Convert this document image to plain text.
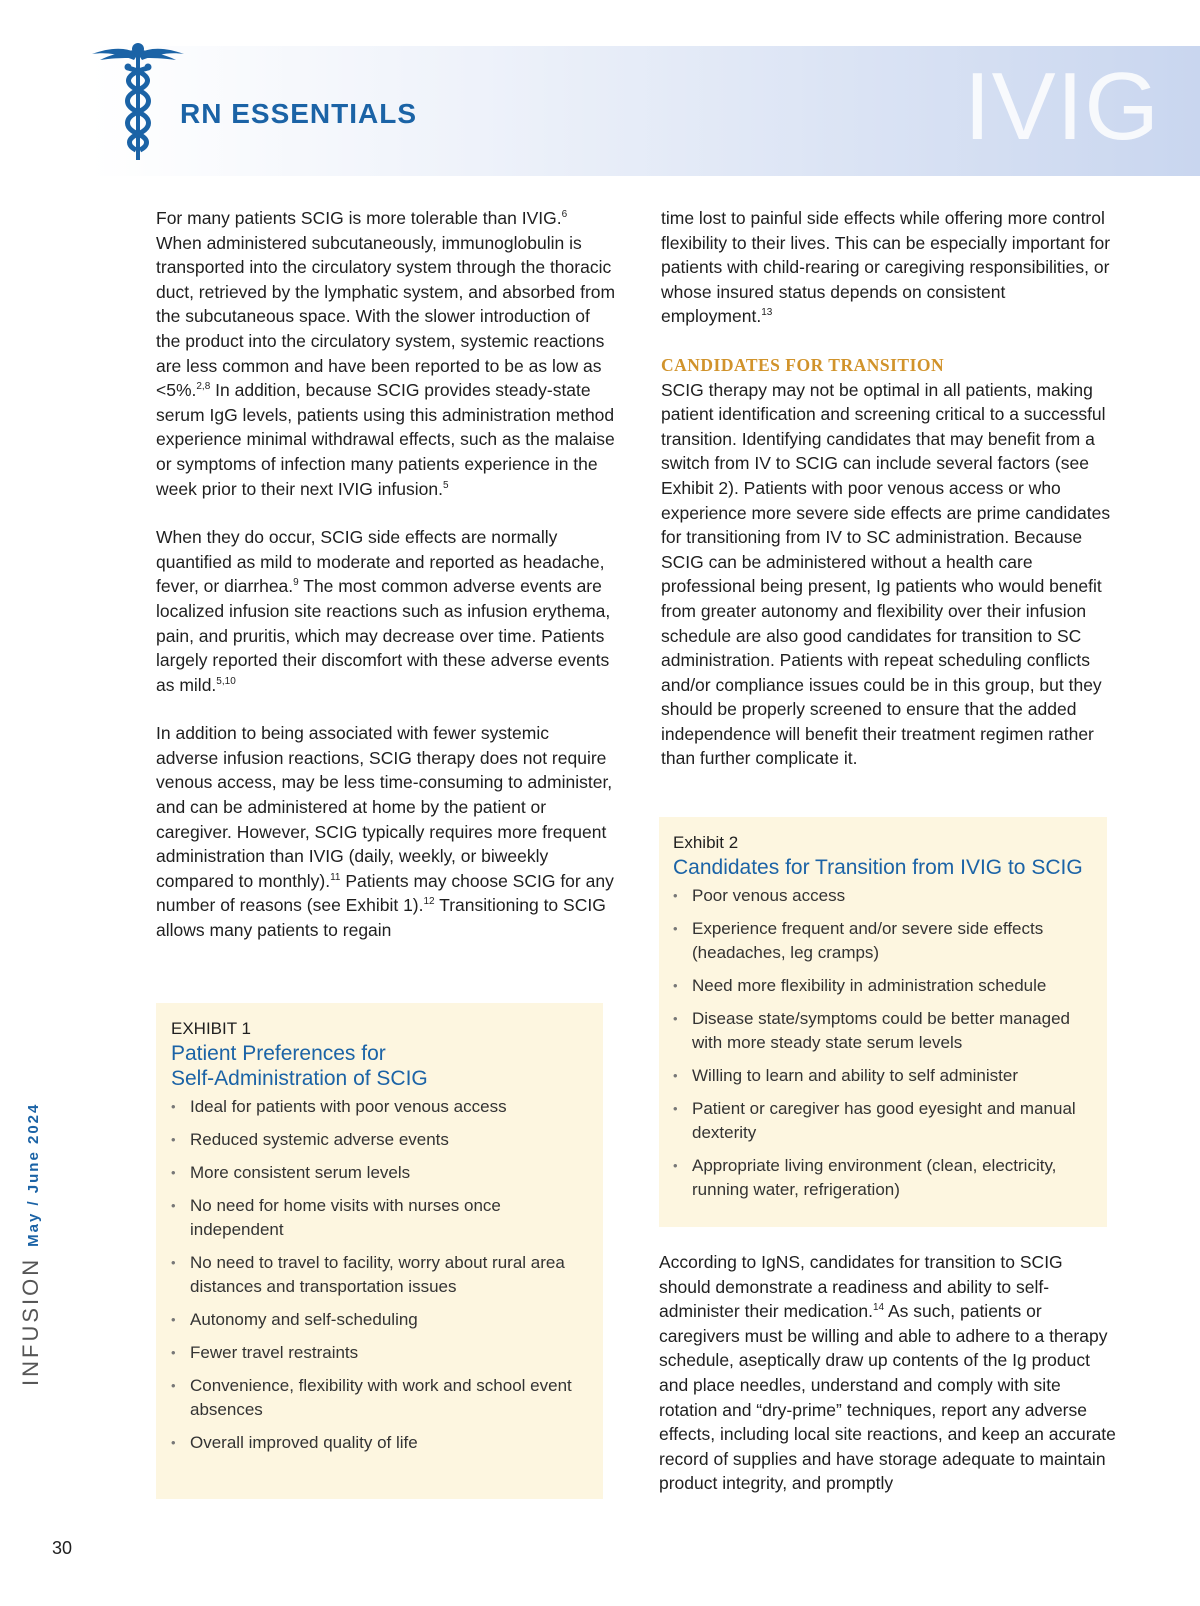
IVIG
RN ESSENTIALS

For many patients SCIG is more tolerable than IVIG.$^6$ When administered subcutaneously, immunoglobulin is transported into the circulatory system through the thoracic duct, retrieved by the lymphatic system, and absorbed from the subcutaneous space. With the slower introduction of the product into the circulatory system, systemic reactions are less common and have been reported to be as low as <5%.$^{2,8}$ In addition, because SCIG provides steady-state serum IgG levels, patients using this administration method experience minimal withdrawal effects, such as the malaise or symptoms of infection many patients experience in the week prior to their next IVIG infusion.$^5$

When they do occur, SCIG side effects are normally quantified as mild to moderate and reported as headache, fever, or diarrhea.$^9$ The most common adverse events are localized infusion site reactions such as infusion erythema, pain, and pruritis, which may decrease over time. Patients largely reported their discomfort with these adverse events as mild.$^{5,10}$

In addition to being associated with fewer systemic adverse infusion reactions, SCIG therapy does not require venous access, may be less time-consuming to administer, and can be administered at home by the patient or caregiver. However, SCIG typically requires more frequent administration than IVIG (daily, weekly, or biweekly compared to monthly).$^{11}$ Patients may choose SCIG for any number of reasons (see Exhibit 1).$^{12}$ Transitioning to SCIG allows many patients to regain

EXHIBIT 1
Patient Preferences for Self-Administration of SCIG
• Ideal for patients with poor venous access
• Reduced systemic adverse events
• More consistent serum levels
• No need for home visits with nurses once independent
• No need to travel to facility, worry about rural area distances and transportation issues
• Autonomy and self-scheduling
• Fewer travel restraints
• Convenience, flexibility with work and school event absences
• Overall improved quality of life

time lost to painful side effects while offering more control flexibility to their lives. This can be especially important for patients with child-rearing or caregiving responsibilities, or whose insured status depends on consistent employment.$^{13}$

CANDIDATES FOR TRANSITION

SCIG therapy may not be optimal in all patients, making patient identification and screening critical to a successful transition. Identifying candidates that may benefit from a switch from IV to SCIG can include several factors (see Exhibit 2). Patients with poor venous access or who experience more severe side effects are prime candidates for transitioning from IV to SC administration. Because SCIG can be administered without a health care professional being present, Ig patients who would benefit from greater autonomy and flexibility over their infusion schedule are also good candidates for transition to SC administration. Patients with repeat scheduling conflicts and/or compliance issues could be in this group, but they should be properly screened to ensure that the added independence will benefit their treatment regimen rather than further complicate it.

Exhibit 2
Candidates for Transition from IVIG to SCIG
• Poor venous access
• Experience frequent and/or severe side effects (headaches, leg cramps)
• Need more flexibility in administration schedule
• Disease state/symptoms could be better managed with more steady state serum levels
• Willing to learn and ability to self administer
• Patient or caregiver has good eyesight and manual dexterity
• Appropriate living environment (clean, electricity, running water, refrigeration)

According to IgNS, candidates for transition to SCIG should demonstrate a readiness and ability to self-administer their medication.$^{14}$ As such, patients or caregivers must be willing and able to adhere to a therapy schedule, aseptically draw up contents of the Ig product and place needles, understand and comply with site rotation and “dry-prime” techniques, report any adverse effects, including local site reactions, and keep an accurate record of supplies and have storage adequate to maintain product integrity, and promptly

INFUSIONMay / June 2024
30
